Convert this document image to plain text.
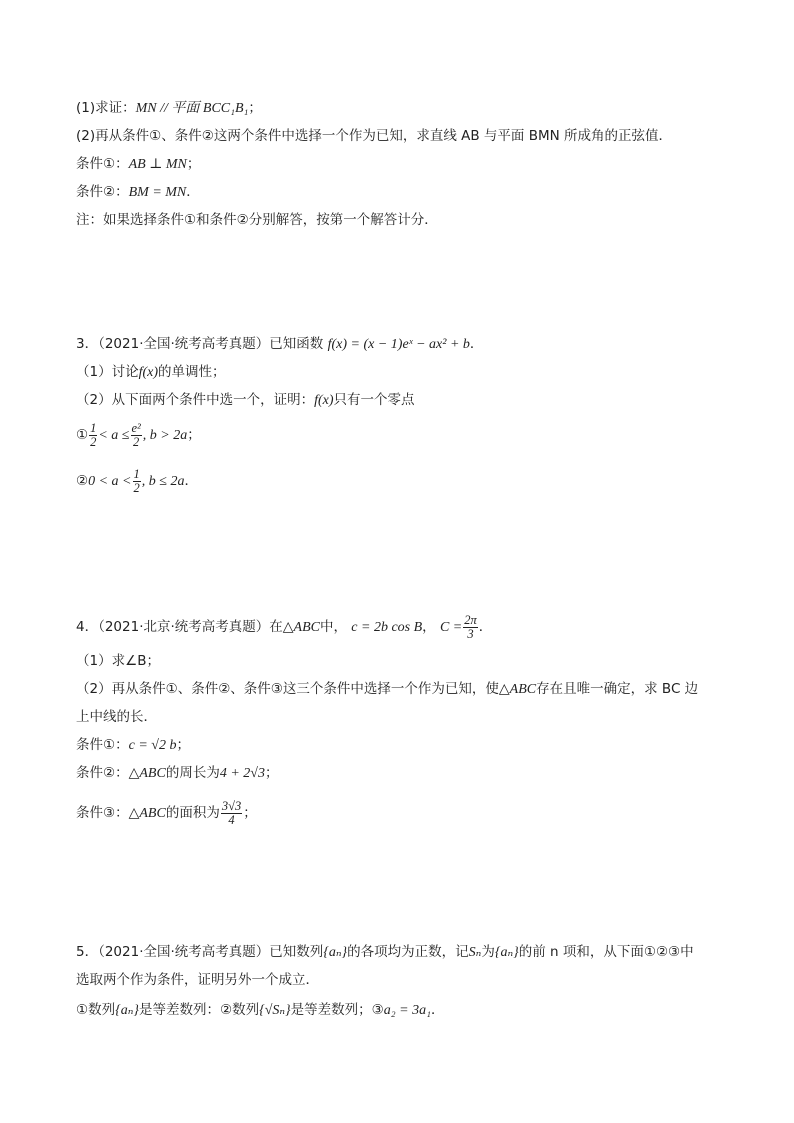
(1)求证：MN // 平面 BCC₁B₁；
(2)再从条件①、条件②这两个条件中选择一个作为已知，求直线 AB 与平面 BMN 所成角的正弦值．
条件①：AB ⊥ MN；
条件②：BM = MN．
注：如果选择条件①和条件②分别解答，按第一个解答计分．
3．（2021·全国·统考高考真题）已知函数 f(x) = (x − 1)eˣ − ax² + b．
（1）讨论f(x)的单调性；
（2）从下面两个条件中选一个，证明：f(x)只有一个零点
① $\frac{1}{2} < a \le \frac{\text{e²}}{2}$ , b > 2a；
②0 < $a < \frac{1}{2}$ , b ≤ 2a．
4．（2021·北京·统考高考真题）在△ABC中， c = 2b cos B， $C = \frac{2\pi}{3}$ ．
（1）求∠B；
（2）再从条件①、条件②、条件③这三个条件中选择一个作为已知，使△ABC存在且唯一确定，求 BC 边
上中线的长．
条件①：c = √2 b；
条件②：△ABC的周长为4 + 2√3；
条件③：△ABC的面积为 $\frac{3√3}{4}$ ；
5．（2021·全国·统考高考真题）已知数列{aₙ}的各项均为正数，记Sₙ为{aₙ}的前 n 项和，从下面①②③中
选取两个作为条件，证明另外一个成立．
①数列{aₙ}是等差数列：②数列{√Sₙ}是等差数列；③a₂ = 3a₁．
